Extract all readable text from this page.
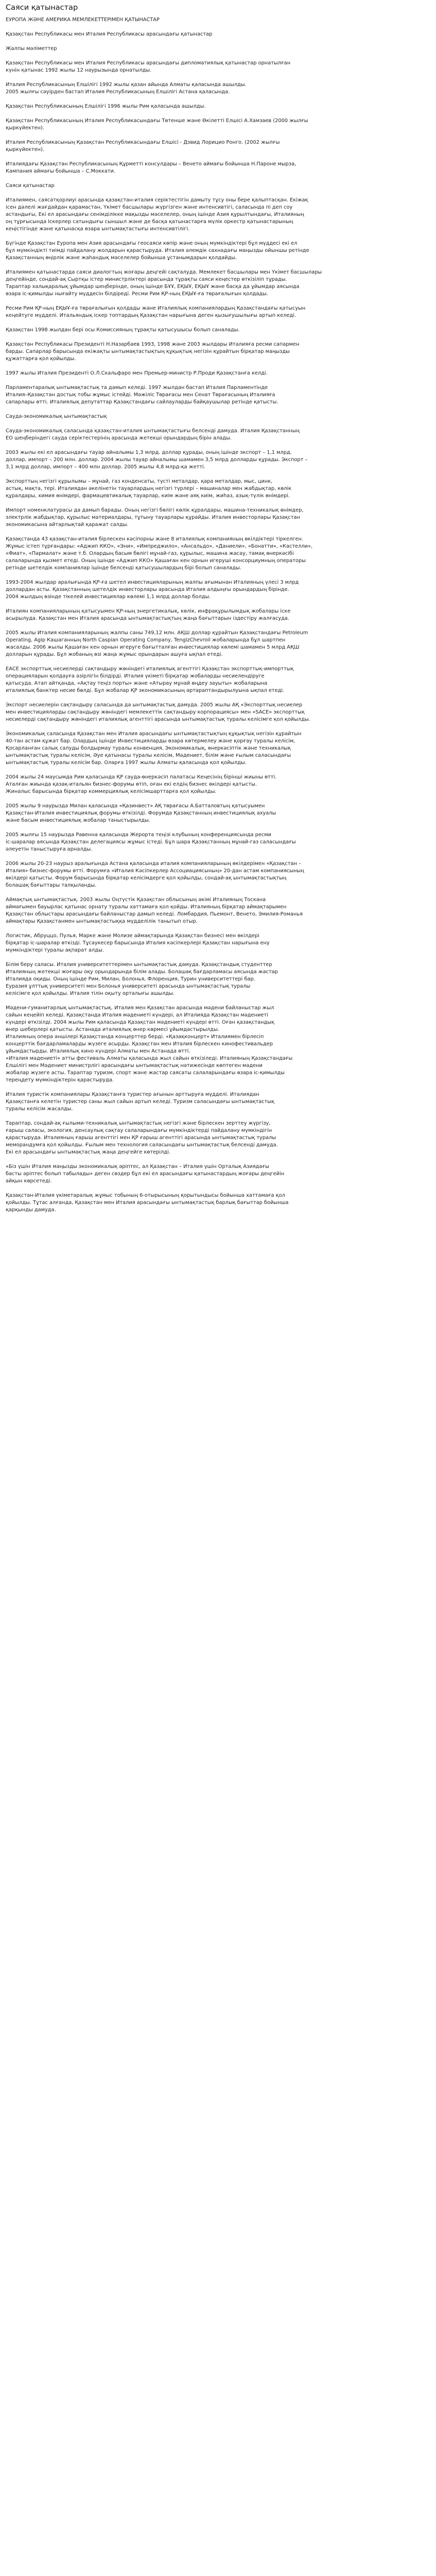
Саяси қатынастар
ЕУРОПА ЖӘНЕ АМЕРИКА МЕМЛЕКЕТТЕРІМЕН ҚАТЫНАСТАР
Қазақстан Республикасы мен Италия Республикасы арасындағы қатынастар
Жалпы мәліметтер
Қазақстан Республикасы мен Италия Республикасы арасындағы дипломатиялық қатынастар орнатылған
күнін қатынас 1992 жылы 12 наурызында орнатылды.
Италия Республикасының Елшілігі 1992 жылы қазан айында Алматы қаласында ашылды.
2005 жылғы сәуірден бастап Италия Республикасының Елшілігі Астана қаласында.
Қазақстан Республикасының Елшілігі 1996 жылы Рим қаласында ашылды.
Қазақстан Республикасының Италия Республикасындағы Төтенше және Өкілетті Елшісі А.Хамзаев (2000 жылғы
қыркүйектен).
Италия Республикасының Қазақстан Республикасындағы Елшісі - Дэвид Лорицио Ронго. (2002 жылғы
қыркүйектен).
Италиядағы Қазақстан Республикасының Құрметті консулдары – Венето аймағы бойынша Н.Пароне мырза,
Кампания аймағы бойынша – С.Моккати.
Саяси қатынастар
Италиямен, саясатқорлиуі арасында қазақстан-италия серіктестігін дамыту тұсу оны бере қалыптасқан. Екіжақ
ісен дәлелі жағдайдан қарамастан, Үкімет басшылары жүргізген және интенсивтігі, саласында пі деп соу
астандығы, Екі ел арасындағы сенімділікке мақызды мәселелер, оның ішінде Азия құрылтындағы, Италияның
оң тұрғысында Іскерлер сатындығы сыншыл және де басқа қатынастарға мүлік оркестр қатынастарының
кеңістігінде және қатынасқа өзара ынтымақтастығы интенсивтілігі.
Бүгінде Қазақстан Еуропа мен Азия арасындағы геосаяси көпір және оның мүмкіндіктері бұл мүддесі екі ел
бұл мүмкіндікті тиімді пайдалану жолдарын қарастыруда. Италия әлемдік сахнадағы маңызды ойыншы ретінде
Қазақстанның өңірлік және жаһандық мәселелер бойынша ұстанымдарын қолдайды.
Италиямен қатынастарда саяси диалогтың жоғары деңгейі сақталуда. Мемлекет басшылары мен Үкімет басшылары
деңгейінде, сондай-ақ Сыртқы істер министрліктері арасында тұрақты саяси кеңестер өткізіліп тұрады.
Тараптар халықаралық ұйымдар шеңберінде, оның ішінде БҰҰ, ЕҚЫҰ, ЕҚЫҰ және басқа да ұйымдар аясында
өзара іс-қимылды нығайту мүддесін білдіреді. Ресми Рим ҚР-ның ЕҚЫҰ-ға төрағалығын қолдады.
Ресми Рим ҚР-ның ЕҚЫҰ-ға төрағалығын қолдады және Италиялық компаниялардың Қазақстандағы қатысуын
кеңейтуге мүдделі. Итальяндық іскер топтардың Қазақстан нарығына деген қызығушылығы артып келеді.
Қазақстан 1998 жылдан бері осы Комиссияның тұрақты қатысушысы болып саналады.
Қазақстан Республикасы Президенті Н.Назарбаев 1993, 1998 және 2003 жылдары Италияға ресми сапармен
барды. Сапарлар барысында екіжақты ынтымақтастықтың құқықтық негізін құрайтын бірқатар маңызды
құжаттарға қол қойылды.
1997 жылы Италия Президенті О.Л.Скальфаро мен Премьер-министр Р.Проди Қазақстанға келді.
Парламентаралық ынтымақтастық та дамып келеді. 1997 жылдан бастап Италия Парламентінде
Италия–Қазақстан достық тобы жұмыс істейді. Мәжіліс Төрағасы мен Сенат Төрағасының Италияға
сапарлары өтті. Италиялық депутаттар Қазақстандағы сайлауларды байқаушылар ретінде қатысты.
Сауда-экономикалық ынтымақтастық
Сауда-экономикалық саласында қазақстан-италия ынтымақтастығы белсенді дамуда. Италия Қазақстанның
ЕО шеңберіндегі сауда серіктестерінің арасында жетекші орындардың бірін алады.
2003 жылы екі ел арасындағы тауар айналымы 1,3 млрд. доллар құрады, оның ішінде экспорт – 1,1 млрд.
доллар, импорт – 200 млн. доллар. 2004 жылы тауар айналымы шамамен 3,5 млрд долларды құрады. Экспорт –
3,1 млрд доллар, импорт – 400 млн доллар. 2005 жылы 4,8 млрд-қа жетті.
Экспорттың негізгі құрылымы – мұнай, газ конденсаты, түсті металдар, қара металдар, мыс, цинк,
астық, мақта, тері. Италиядан әкелінетін тауарлардың негізгі түрлері – машиналар мен жабдықтар, көлік
құралдары, химия өнімдері, фармацевтикалық тауарлар, киім және аяқ киім, жиһаз, азық-түлік өнімдері.
Импорт номенклатурасы да дамып барады. Оның негізгі бөлігі көлік құралдары, машина-техникалық өнімдер,
электрлік жабдықтар, құрылыс материалдары, тұтыну тауарлары құрайды. Италия инвесторлары Қазақстан
экономикасына айтарлықтай қаражат салды.
Қазақстанда 43 қазақстан-италия бірлескен кәсіпорны және 8 италиялық компанияның өкілдіктері тіркелген.
Жұмыс істеп тұрғандары: «Аджип ККО», «Эни», «Импреджило», «Ансальдо», «Даниели», «Бонатти», «Кастелли»,
«Фиат», «Пармалат» және т.б. Олардың басым бөлігі мұнай-газ, құрылыс, машина жасау, тамақ өнеркәсібі
салаларында қызмет етеді. Оның ішінде «Аджип ККО» Қашаған кен орнын игеруші консорциумның операторы
ретінде шетелдік компаниялар ішінде белсенді қатысушылардың бірі болып саналады.
1993-2004 жылдар аралығында ҚР-ға шетел инвестицияларының жалпы ағымынан Италияның үлесі 3 млрд
доллардан асты. Қазақстанның шетелдік инвесторлары арасында Италия алдыңғы орындардың бірінде.
2004 жылдың өзінде тікелей инвестициялар көлемі 1,1 млрд доллар болды.
Италиян компанияларының қатысуымен ҚР-ның энергетикалық, көлік, инфрақұрылымдық жобалары іске
асырылуда. Қазақстан мен Италия арасында ынтымақтастықтың жаңа бағыттарын іздестіру жалғасуда.
2005 жылы Италия компанияларының жалпы саны 749,12 млн. АҚШ доллар құрайтын Қазақстандағы Petroleum
Operating, Agip Кашаганның North Caspian Operating Company, TengizChevroil жобаларында бұл шартпен
жасалды. 2006 жылы Қашаған кен орнын игеруге бағытталған инвестициялар көлемі шамамен 5 млрд АҚШ
долларын құрады. Бұл жобаның өзі жаңа жұмыс орындарын ашуға ықпал етеді.
ЕАСЕ экспорттық несиелерді сақтандыру жөніндегі италиялық агенттігі Қазақстан экспорттық-импорттық
операцияларын қолдауға әзірлігін білдірді. Италия үкіметі бірқатар жобаларды несиелендіруге
қатысуда. Атап айтқанда, «Ақтау теңіз порты» және «Атырау мұнай өңдеу зауыты» жобаларына
италиялық банктер несие бөлді. Бұл жобалар ҚР экономикасының әртараптандырылуына ықпал етеді.
Экспорт несиелерін сақтандыру саласында да ынтымақтастық дамуда. 2005 жылы АҚ «Экспорттық несиелер
мен инвестицияларды сақтандыру жөніндегі мемлекеттік сақтандыру корпорациясы» мен «SACE» экспорттық
несиелерді сақтандыру жөніндегі италиялық агенттігі арасында ынтымақтастық туралы келісімге қол қойылды.
Экономикалық саласында Қазақстан мен Италия арасындағы ынтымақтастықтың құқықтық негізін құрайтын
40-тан астам құжат бар. Олардың ішінде Инвестицияларды өзара көтермелеу және қорғау туралы келісім,
Қосарланған салық салуды болдырмау туралы конвенция, Экономикалық, өнеркәсіптік және техникалық
ынтымақтастық туралы келісім, Әуе қатынасы туралы келісім, Мәдениет, білім және ғылым саласындағы
ынтымақтастық туралы келісім бар. Оларға 1997 жылы Алматы қаласында қол қойылды.
2004 жылы 24 маусымда Рим қаласында ҚР сауда-өнеркәсіп палатасы Кеңесінің бірінші жиыны өтті.
Аталған жиында қазақ-итальян бизнес-форумы өтіп, оған екі елдің бизнес өкілдері қатысты.
Жиналыс барысында бірқатар коммерциялық келісімшарттарға қол қойылды.
2005 жылы 9 наурызда Милан қаласында «Қазинвест» АҚ төрағасы А.Батталовтың қатысуымен
Қазақстан-Италия инвестициялық форумы өткізілді. Форумда Қазақстанның инвестициялық ахуалы
және басым инвестициялық жобалар таныстырылды.
2005 жылғы 15 наурызда Равенна қаласында Жерорта теңізі клубының конференциясында ресми
іс-шаралар аясында Қазақстан делегациясы жұмыс істеді. Бұл шара Қазақстанның мұнай-газ саласындағы
әлеуетін таныстыруға арналды.
2006 жылы 20-23 наурыз аралығында Астана қаласында италия компанияларының өкілдерімен «Қазақстан –
Италия» бизнес-форумы өтті. Форумға «Италия Кәсіпкерлер Ассоциациясының» 20-дан астам компаниясының
өкілдері қатысты. Форум барысында бірқатар келісімдерге қол қойылды, сондай-ақ ынтымақтастықтың
болашақ бағыттары талқыланды.
Аймақтық ынтымақтастық. 2003 жылы Оңтүстік Қазақстан облысының әкімі Италияның Тоскана
аймағымен бауырлас қатынас орнату туралы хаттамаға қол қойды. Италияның бірқатар аймақтарымен
Қазақстан облыстары арасындағы байланыстар дамып келеді. Ломбардия, Пьемонт, Венето, Эмилия-Романья
аймақтары Қазақстанмен ынтымақтастыққа мүдделілік танытып отыр.
Логистик, Абруццо, Пулья, Марке және Молизе аймақтарында Қазақстан бизнесі мен өкілдері
бірқатар іс-шаралар өткізді. Тұсаукесер барысында Италия кәсіпкерлері Қазақстан нарығына ену
мүмкіндіктері туралы ақпарат алды.
Білім беру саласы. Италия университеттерімен ынтымақтастық дамуда. Қазақстандық студенттер
Италияның жетекші жоғары оқу орындарында білім алады. Болашақ бағдарламасы аясында жастар
Италияда оқиды. Оның ішінде Рим, Милан, Болонья, Флоренция, Турин университеттері бар.
Еуразия ұлттық университеті мен Болонья университеті арасында ынтымақтастық туралы
келісімге қол қойылды. Италия тілін оқыту орталығы ашылды.
Мәдени-гуманитарлық ынтымақтастық. Италия мен Қазақстан арасында мәдени байланыстар жыл
сайын кеңейіп келеді. Қазақстанда Италия мәдениеті күндері, ал Италияда Қазақстан мәдениеті
күндері өткізілді. 2004 жылы Рим қаласында Қазақстан мәдениеті күндері өтті. Оған қазақстандық
өнер шеберлері қатысты. Астанада италиялық өнер көрмесі ұйымдастырылды.
Италияның опера әншілері Қазақстанда концерттер берді. «Қазақконцерт» Италиямен бірлесіп
концерттік бағдарламаларды жүзеге асырды. Қазақстан мен Италия бірлескен кинофестивальдер
ұйымдастырды. Италиялық кино күндері Алматы мен Астанада өтті.
«Италия мәдениеті» атты фестиваль Алматы қаласында жыл сайын өткізіледі. Италияның Қазақстандағы
Елшілігі мен Мәдениет министрлігі арасындағы ынтымақтастық нәтижесінде көптеген мәдени
жобалар жүзеге асты. Тараптар туризм, спорт және жастар саясаты салаларындағы өзара іс-қимылды
тереңдету мүмкіндіктерін қарастыруда.
Италия туристік компаниялары Қазақстанға туристер ағынын арттыруға мүдделі. Италиядан
Қазақстанға келетін туристер саны жыл сайын артып келеді. Туризм саласындағы ынтымақтастық
туралы келісім жасалды.
Тараптар, сондай-ақ ғылыми-техникалық ынтымақтастық негізгі және бірлескен зерттеу жүргізу,
ғарыш саласы, экология, денсаулық сақтау салаларындағы мүмкіндіктерді пайдалану мүмкіндігін
қарастыруда. Италияның ғарыш агенттігі мен ҚР ғарыш агенттігі арасында ынтымақтастық туралы
меморандумға қол қойылды. Ғылым мен технология саласындағы ынтымақтастық белсенді дамуда.
Екі ел арасындағы ынтымақтастық жаңа деңгейге көтерілді.
«Біз үшін Италия маңызды экономикалық әріптес, ал Қазақстан – Италия үшін Орталық Азиядағы
басты әріптес болып табылады» деген сөздер бұл екі ел арасындағы қатынастардың жоғары деңгейін
айқын көрсетеді.
Қазақстан-Италия үкіметаралық жұмыс тобының 6-отырысының қорытындысы бойынша хаттамаға қол
қойылды. Тұтас алғанда, Қазақстан мен Италия арасындағы ынтымақтастық барлық бағыттар бойынша
қарқынды дамуда.
